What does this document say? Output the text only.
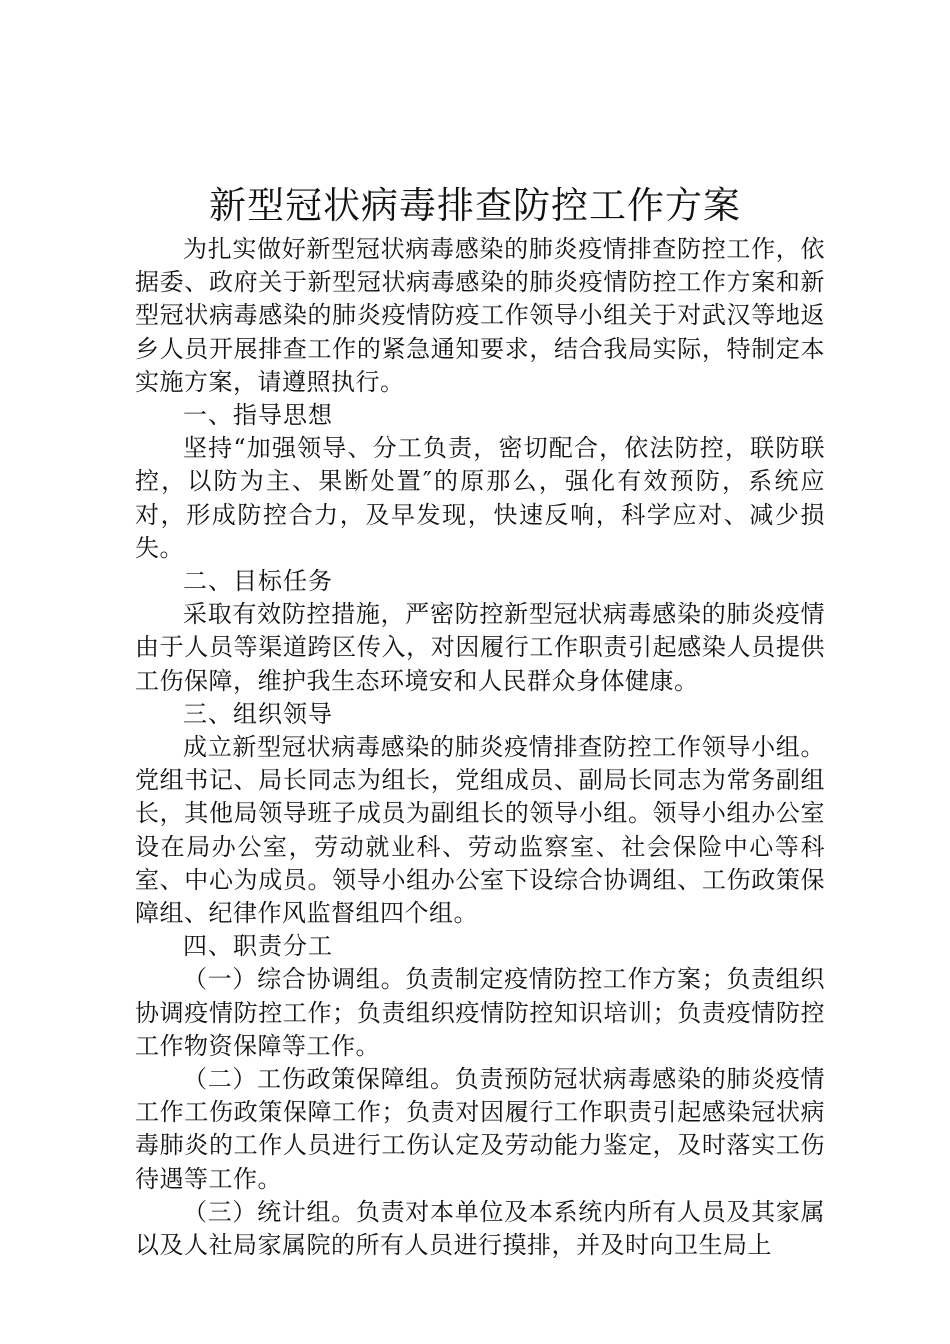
新型冠状病毒排查防控工作方案

为扎实做好新型冠状病毒感染的肺炎疫情排查防控工作，依据委、政府关于新型冠状病毒感染的肺炎疫情防控工作方案和新型冠状病毒感染的肺炎疫情防疫工作领导小组关于对武汉等地返乡人员开展排查工作的紧急通知要求，结合我局实际，特制定本实施方案，请遵照执行。

一、指导思想

坚持“加强领导、分工负责，密切配合，依法防控，联防联控，以防为主、果断处置″的原那么，强化有效预防，系统应对，形成防控合力，及早发现，快速反响，科学应对、减少损失。

二、目标任务

采取有效防控措施，严密防控新型冠状病毒感染的肺炎疫情由于人员等渠道跨区传入，对因履行工作职责引起感染人员提供工伤保障，维护我生态环境安和人民群众身体健康。

三、组织领导

成立新型冠状病毒感染的肺炎疫情排查防控工作领导小组。党组书记、局长同志为组长，党组成员、副局长同志为常务副组长，其他局领导班子成员为副组长的领导小组。领导小组办公室设在局办公室，劳动就业科、劳动监察室、社会保险中心等科室、中心为成员。领导小组办公室下设综合协调组、工伤政策保障组、纪律作风监督组四个组。

四、职责分工

（一）综合协调组。负责制定疫情防控工作方案；负责组织协调疫情防控工作；负责组织疫情防控知识培训；负责疫情防控工作物资保障等工作。

（二）工伤政策保障组。负责预防冠状病毒感染的肺炎疫情工作工伤政策保障工作；负责对因履行工作职责引起感染冠状病毒肺炎的工作人员进行工伤认定及劳动能力鉴定，及时落实工伤待遇等工作。

（三）统计组。负责对本单位及本系统内所有人员及其家属以及人社局家属院的所有人员进行摸排，并及时向卫生局上
